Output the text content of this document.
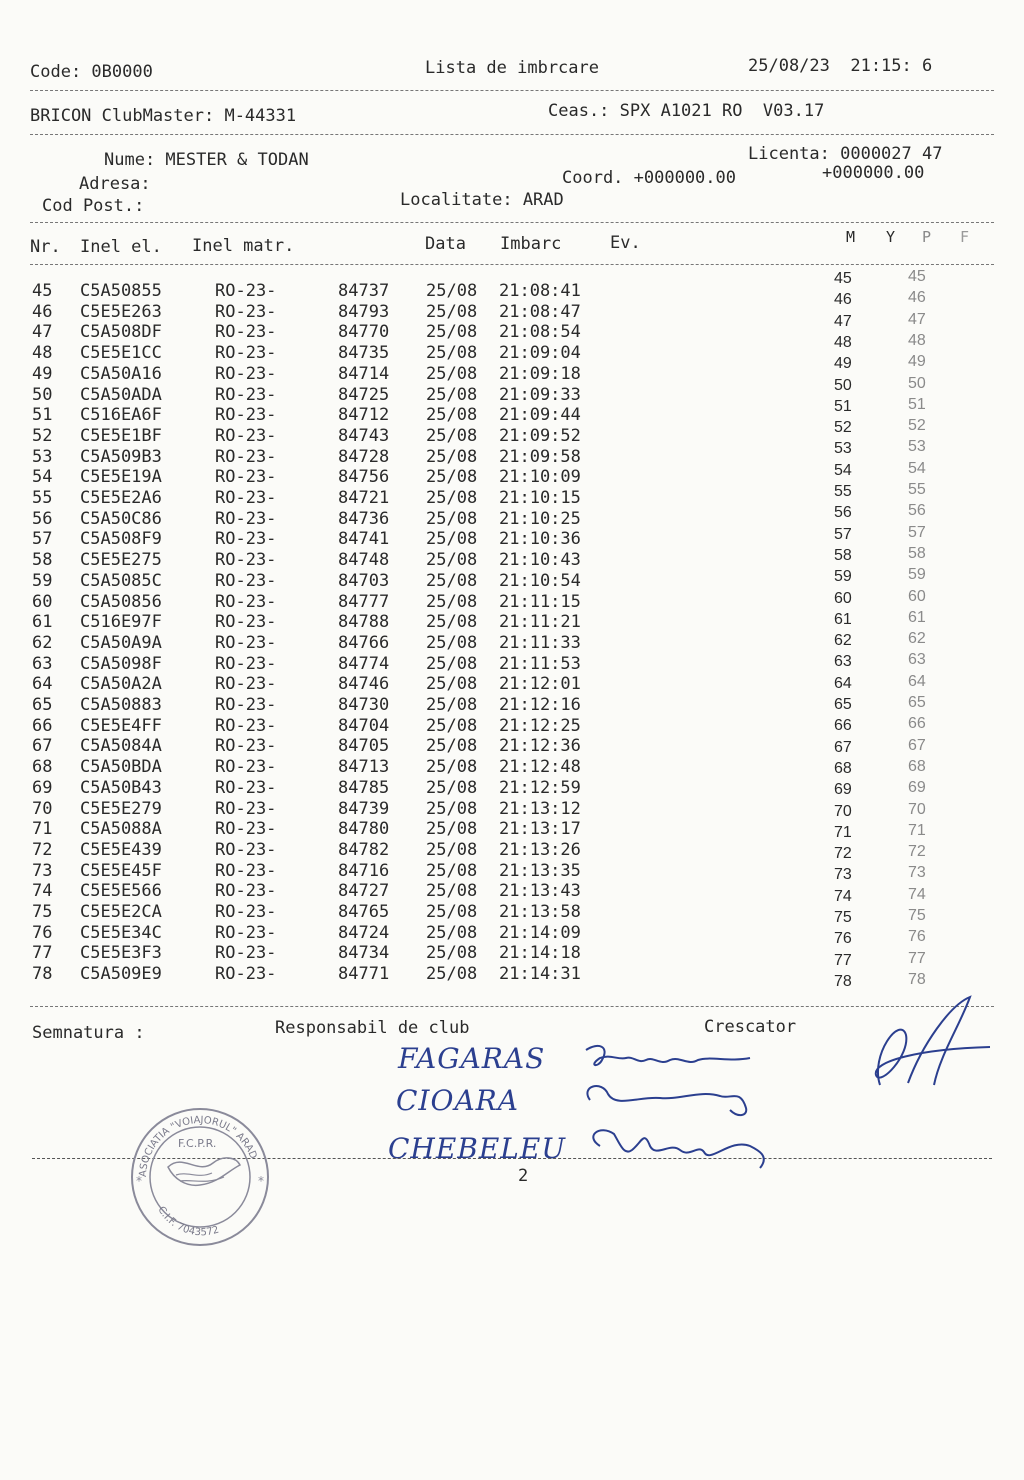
Code: 0B0000	Lista de imbrcare	25/08/23  21:15: 6
BRICON ClubMaster: M-44331	Ceas.: SPX A1021 RO  V03.17
Nume: MESTER & TODAN	Licenta: 0000027 47
Adresa:	Coord. +000000.00	+000000.00
Cod Post.:	Localitate: ARAD
Nr. Inel el. Inel matr.	Data Imbarc	Ev.	M Y P F
45 C5A50855	RO-23-	84737 25/08 21:08:41
46 C5E5E263	RO-23-	84793 25/08 21:08:47
47 C5A508DF	RO-23-	84770 25/08 21:08:54
48 C5E5E1CC	RO-23-	84735 25/08 21:09:04
49 C5A50A16	RO-23-	84714 25/08 21:09:18
50 C5A50ADA	RO-23-	84725 25/08 21:09:33
51 C516EA6F	RO-23-	84712 25/08 21:09:44
52 C5E5E1BF	RO-23-	84743 25/08 21:09:52
53 C5A509B3	RO-23-	84728 25/08 21:09:58
54 C5E5E19A	RO-23-	84756 25/08 21:10:09
55 C5E5E2A6	RO-23-	84721 25/08 21:10:15
56 C5A50C86	RO-23-	84736 25/08 21:10:25
57 C5A508F9	RO-23-	84741 25/08 21:10:36
58 C5E5E275	RO-23-	84748 25/08 21:10:43
59 C5A5085C	RO-23-	84703 25/08 21:10:54
60 C5A50856	RO-23-	84777 25/08 21:11:15
61 C516E97F	RO-23-	84788 25/08 21:11:21
62 C5A50A9A	RO-23-	84766 25/08 21:11:33
63 C5A5098F	RO-23-	84774 25/08 21:11:53
64 C5A50A2A	RO-23-	84746 25/08 21:12:01
65 C5A50883	RO-23-	84730 25/08 21:12:16
66 C5E5E4FF	RO-23-	84704 25/08 21:12:25
67 C5A5084A	RO-23-	84705 25/08 21:12:36
68 C5A50BDA	RO-23-	84713 25/08 21:12:48
69 C5A50B43	RO-23-	84785 25/08 21:12:59
70 C5E5E279	RO-23-	84739 25/08 21:13:12
71 C5A5088A	RO-23-	84780 25/08 21:13:17
72 C5E5E439	RO-23-	84782 25/08 21:13:26
73 C5E5E45F	RO-23-	84716 25/08 21:13:35
74 C5E5E566	RO-23-	84727 25/08 21:13:43
75 C5E5E2CA	RO-23-	84765 25/08 21:13:58
76 C5E5E34C	RO-23-	84724 25/08 21:14:09
77 C5E5E3F3	RO-23-	84734 25/08 21:14:18
78 C5A509E9	RO-23-	84771 25/08 21:14:31
45	45
46	46
47	47
48	48
49	49
50	50
51	51
52	52
53	53
54	54
55	55
56	56
57	57
58	58
59	59
60	60
61	61
62	62
63	63
64	64
65	65
66	66
67	67
68	68
69	69
70	70
71	71
72	72
73	73
74	74
75	75
76	76
77	77
78	78
Semnatura :	Responsabil de club	Crescator
FAGARAS
CIOARA
CHEBELEU
2
ASOCIATIA "VOIAJORUL" ARAD
F.C.P.R.
C.I.F. 7043572
*	*
